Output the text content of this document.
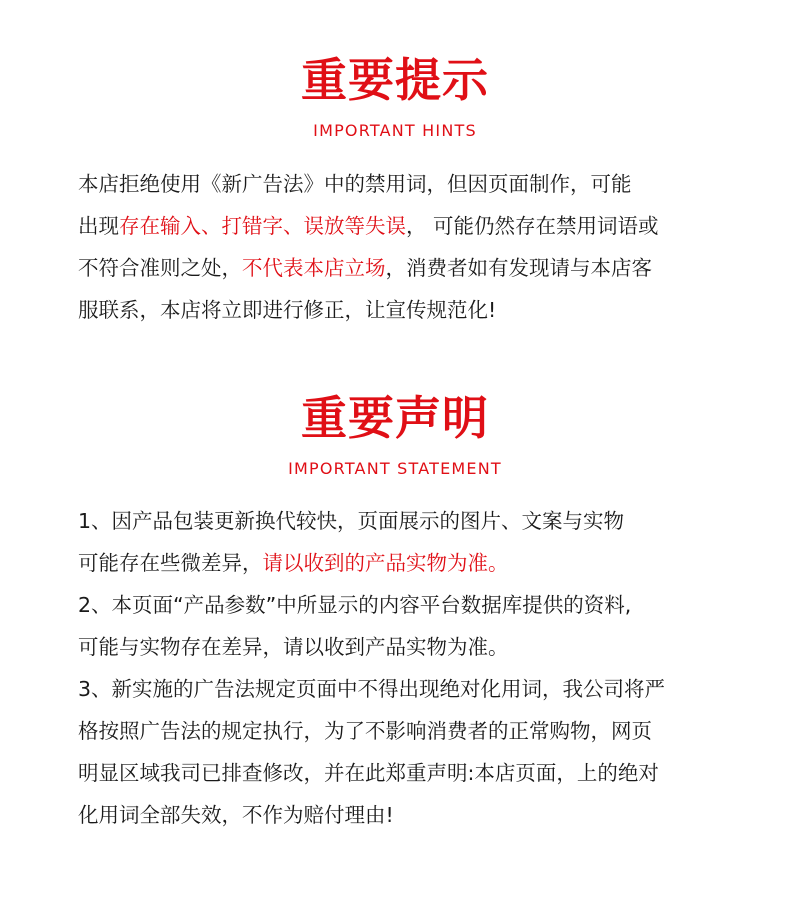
重要提示
IMPORTANT HINTS
本店拒绝使用《新广告法》中的禁用词，但因页面制作，可能
出现存在输入、打错字、误放等失误， 可能仍然存在禁用词语或
不符合准则之处，不代表本店立场，消费者如有发现请与本店客
服联系，本店将立即进行修正，让宣传规范化!
重要声明
IMPORTANT STATEMENT
1、因产品包装更新换代较快，页面展示的图片、文案与实物
可能存在些微差异，请以收到的产品实物为准。
2、本页面“产品参数”中所显示的内容平台数据库提供的资料,
可能与实物存在差异，请以收到产品实物为准。
3、新实施的广告法规定页面中不得出现绝对化用词，我公司将严
格按照广告法的规定执行，为了不影响消费者的正常购物，网页
明显区域我司已排查修改，并在此郑重声明:本店页面，上的绝对
化用词全部失效，不作为赔付理由!
